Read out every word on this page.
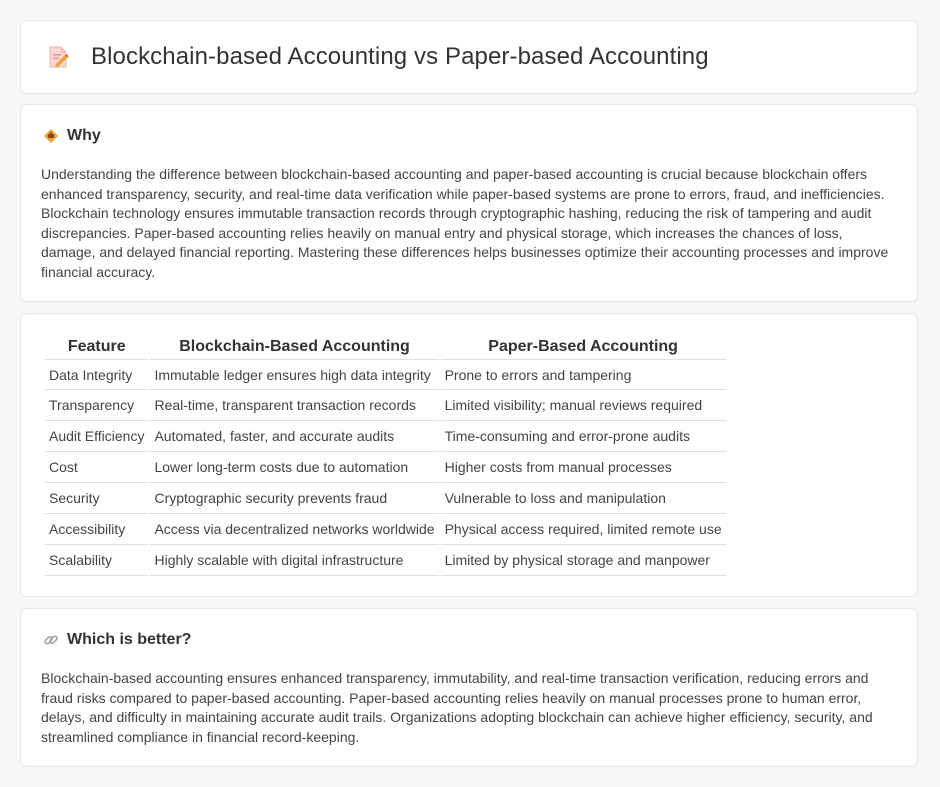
Blockchain-based Accounting vs Paper-based Accounting
Why

Understanding the difference between blockchain-based accounting and paper-based accounting is crucial because blockchain offers enhanced transparency, security, and real-time data verification while paper-based systems are prone to errors, fraud, and inefficiencies. Blockchain technology ensures immutable transaction records through cryptographic hashing, reducing the risk of tampering and audit discrepancies. Paper-based accounting relies heavily on manual entry and physical storage, which increases the chances of loss, damage, and delayed financial reporting. Mastering these differences helps businesses optimize their accounting processes and improve financial accuracy.

Feature	Blockchain-Based Accounting	Paper-Based Accounting
Data Integrity	Immutable ledger ensures high data integrity	Prone to errors and tampering
Transparency	Real-time, transparent transaction records	Limited visibility; manual reviews required
Audit Efficiency	Automated, faster, and accurate audits	Time-consuming and error-prone audits
Cost	Lower long-term costs due to automation	Higher costs from manual processes
Security	Cryptographic security prevents fraud	Vulnerable to loss and manipulation
Accessibility	Access via decentralized networks worldwide	Physical access required, limited remote use
Scalability	Highly scalable with digital infrastructure	Limited by physical storage and manpower
Which is better?

Blockchain-based accounting ensures enhanced transparency, immutability, and real-time transaction verification, reducing errors and fraud risks compared to paper-based accounting. Paper-based accounting relies heavily on manual processes prone to human error, delays, and difficulty in maintaining accurate audit trails. Organizations adopting blockchain can achieve higher efficiency, security, and streamlined compliance in financial record-keeping.
